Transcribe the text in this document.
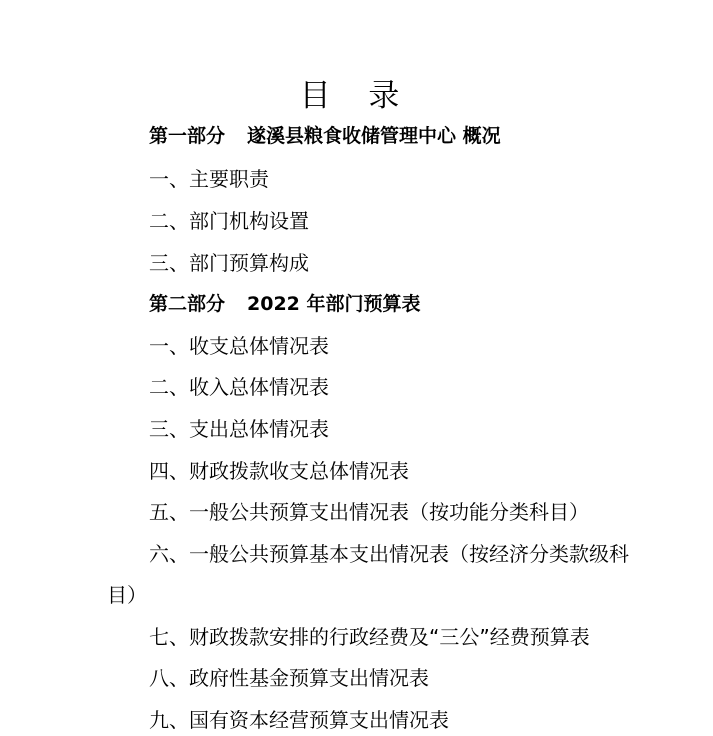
目 录
第一部分 遂溪县粮食收储管理中心 概况
一、主要职责
二、部门机构设置
三、部门预算构成
第二部分 2022 年部门预算表
一、收支总体情况表
二、收入总体情况表
三、支出总体情况表
四、财政拨款收支总体情况表
五、一般公共预算支出情况表（按功能分类科目）
六、一般公共预算基本支出情况表（按经济分类款级科
目）
七、财政拨款安排的行政经费及“三公”经费预算表
八、政府性基金预算支出情况表
九、国有资本经营预算支出情况表
